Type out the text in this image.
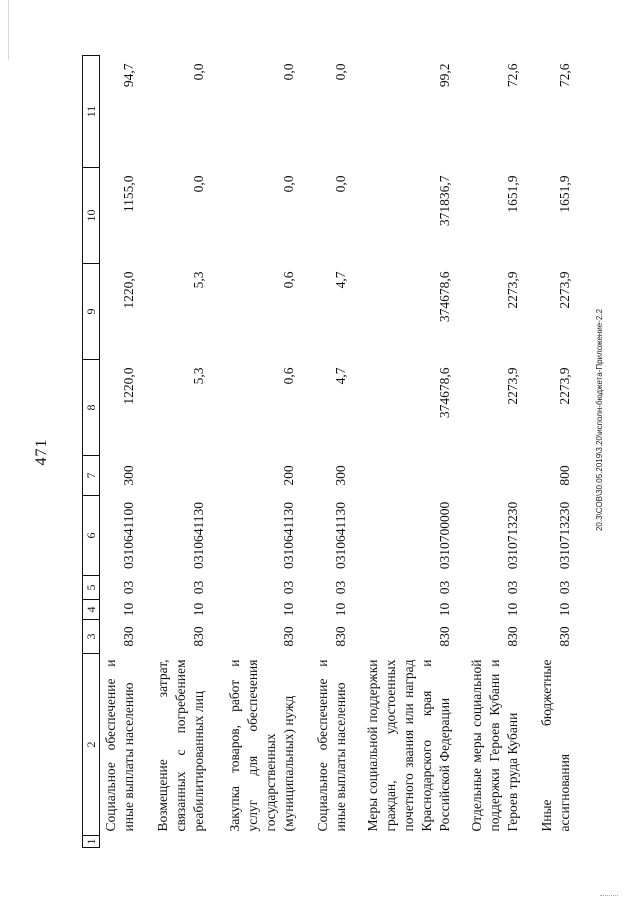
471
1	2	3	4	5	6	7	8	9	10	11
	Социальное обеспечение и иные выплаты населению	830	10	03	0310641100	300	1220,0	1220,0	1155,0	94,7
	Возмещение затрат, связанных с погребением реабилитированных лиц	830	10	03	0310641130		5,3	5,3	0,0	0,0
	Закупка товаров, работ и услуг для обеспечения государственных (муниципальных) нужд	830	10	03	0310641130	200	0,6	0,6	0,0	0,0
	Социальное обеспечение и иные выплаты населению	830	10	03	0310641130	300	4,7	4,7	0,0	0,0
	Меры социальной поддержки граждан, удостоенных почетного звания или наград Краснодарского края и Российской Федерации	830	10	03	0310700000		374678,6	374678,6	371836,7	99,2
	Отдельные меры социальной поддержки Героев Кубани и Героев труда Кубани	830	10	03	0310713230		2273,9	2273,9	1651,9	72,6
	Иные бюджетные ассигнования	830	10	03	0310713230	800	2273,9	2273,9	1651,9	72,6
20.3\СОВ\30.05.2019\3.20\исполн-бюджета-Приложение-2.2
